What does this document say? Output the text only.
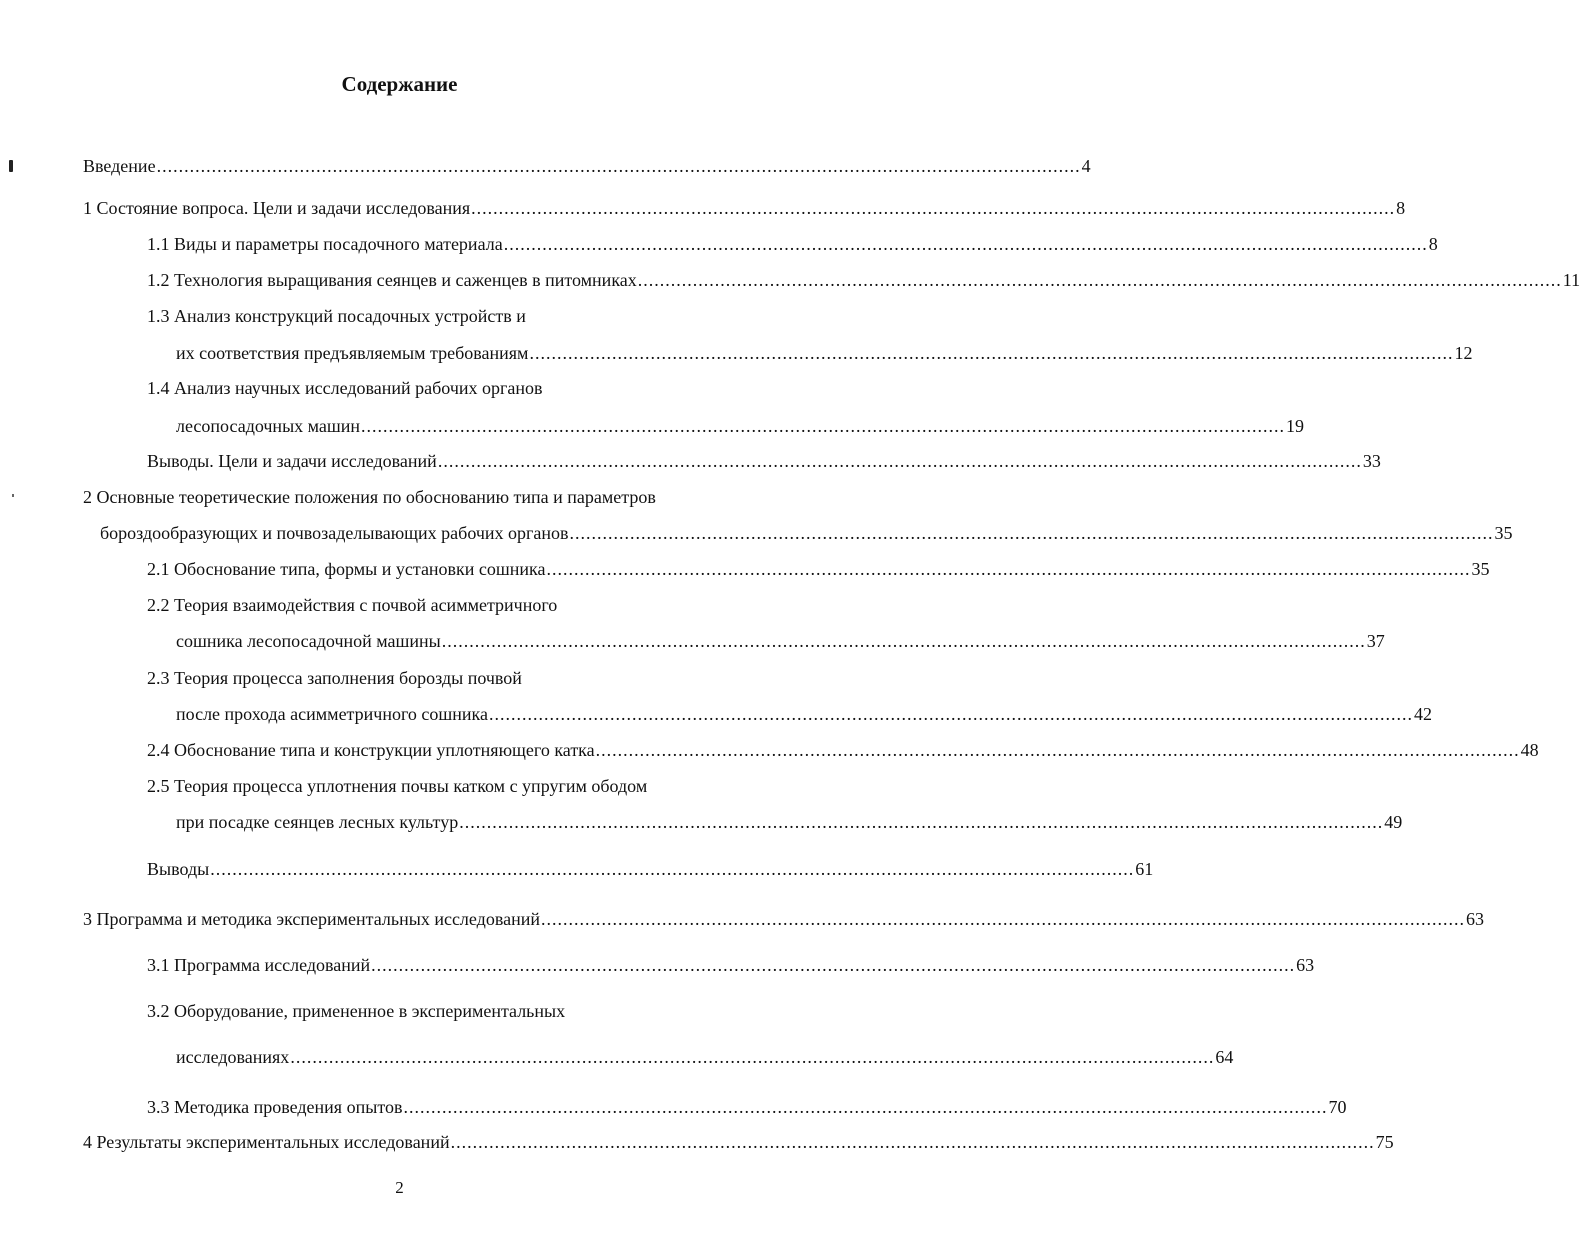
Содержание
Введение ........................................................................................................................................................................ 4
1 Состояние вопроса. Цели и задачи исследования ........................................................................................................................................................................ 8
1.1 Виды и параметры посадочного материала ........................................................................................................................................................................ 8
1.2 Технология выращивания сеянцев и саженцев в питомниках ........................................................................................................................................................................ 11
1.3 Анализ конструкций посадочных устройств и
их соответствия предъявляемым требованиям ........................................................................................................................................................................ 12
1.4 Анализ научных исследований рабочих органов
лесопосадочных машин ........................................................................................................................................................................ 19
Выводы. Цели и задачи исследований ........................................................................................................................................................................ 33
2 Основные теоретические положения по обоснованию типа и параметров
бороздообразующих и почвозаделывающих рабочих органов ........................................................................................................................................................................ 35
2.1 Обоснование типа, формы и установки сошника ........................................................................................................................................................................ 35
2.2 Теория взаимодействия с почвой асимметричного
сошника лесопосадочной машины ........................................................................................................................................................................ 37
2.3 Теория процесса заполнения борозды почвой
после прохода асимметричного сошника ........................................................................................................................................................................ 42
2.4 Обоснование типа и конструкции уплотняющего катка ........................................................................................................................................................................ 48
2.5 Теория процесса уплотнения почвы катком с упругим ободом
при посадке сеянцев лесных культур ........................................................................................................................................................................ 49
Выводы ........................................................................................................................................................................ 61
3 Программа и методика экспериментальных исследований ........................................................................................................................................................................ 63
3.1 Программа исследований ........................................................................................................................................................................ 63
3.2 Оборудование, примененное в экспериментальных
исследованиях ........................................................................................................................................................................ 64
3.3 Методика проведения опытов ........................................................................................................................................................................ 70
4 Результаты экспериментальных исследований ........................................................................................................................................................................ 75
2
